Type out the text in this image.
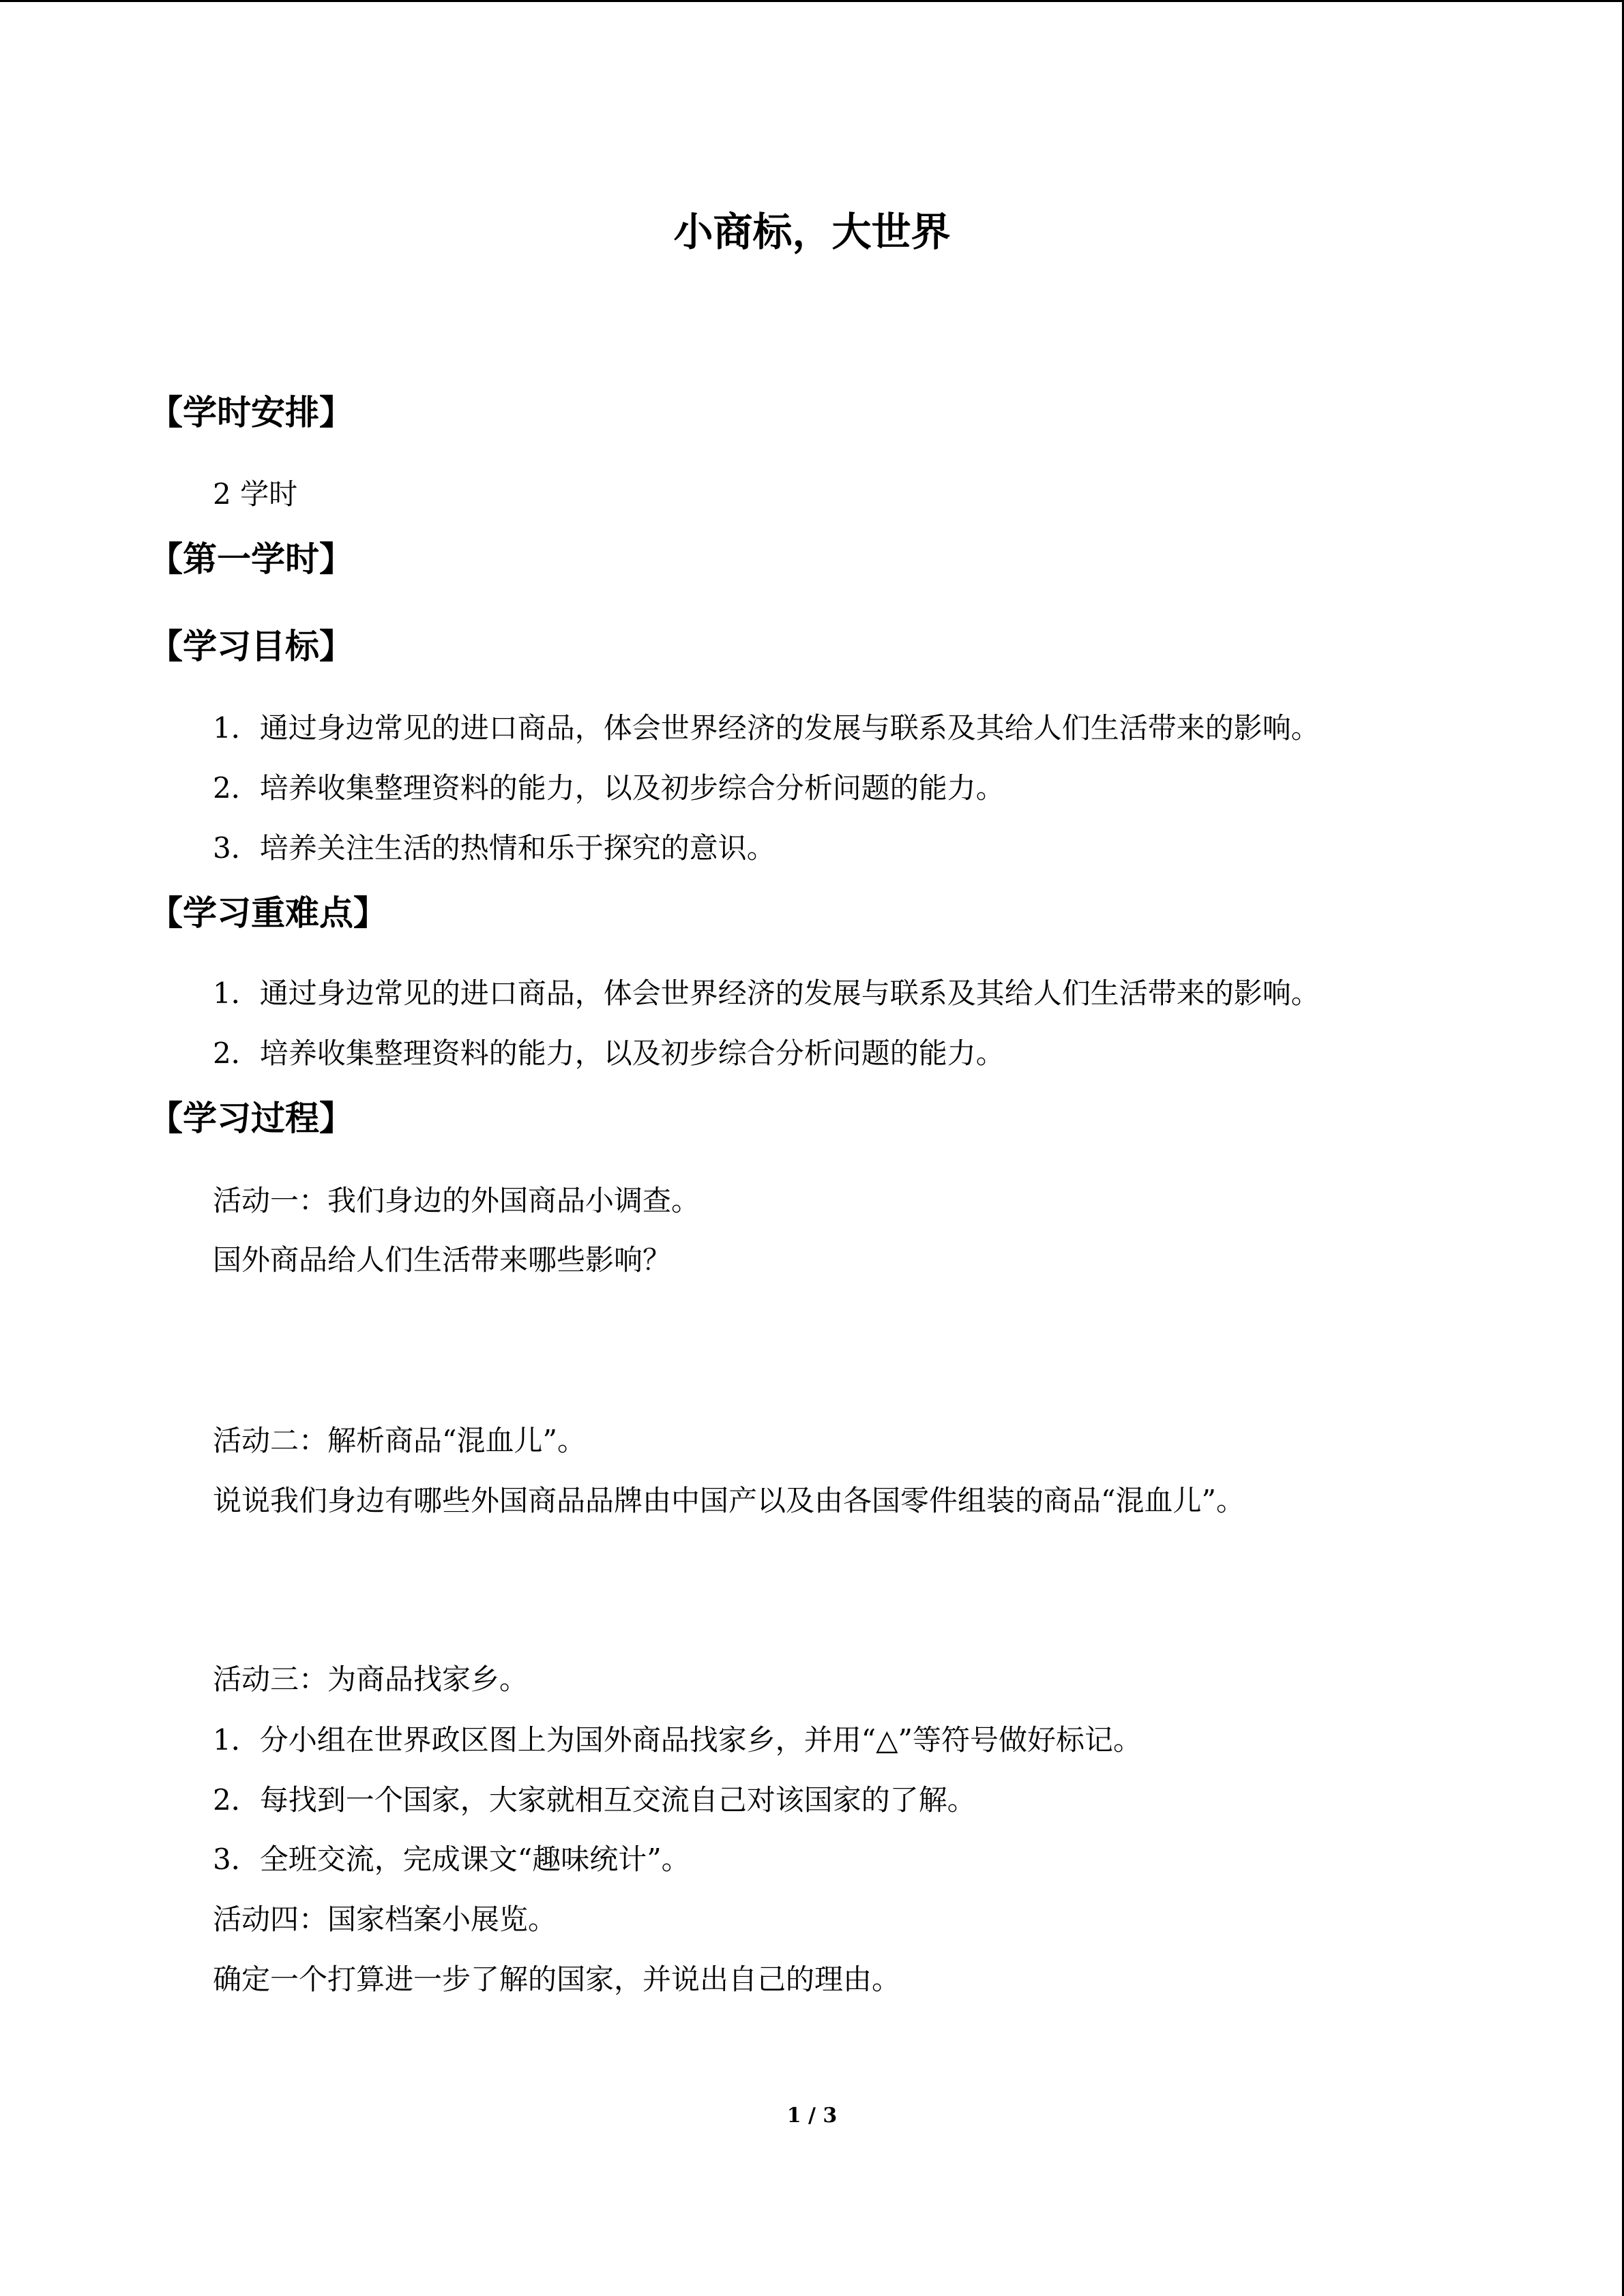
小商标，大世界
【学时安排】
2 学时
【第一学时】
【学习目标】
1．通过身边常见的进口商品，体会世界经济的发展与联系及其给人们生活带来的影响。
2．培养收集整理资料的能力，以及初步综合分析问题的能力。
3．培养关注生活的热情和乐于探究的意识。
【学习重难点】
1．通过身边常见的进口商品，体会世界经济的发展与联系及其给人们生活带来的影响。
2．培养收集整理资料的能力，以及初步综合分析问题的能力。
【学习过程】
活动一：我们身边的外国商品小调查。
国外商品给人们生活带来哪些影响？
活动二：解析商品“混血儿”。
说说我们身边有哪些外国商品品牌由中国产以及由各国零件组装的商品“混血儿”。
活动三：为商品找家乡。
1．分小组在世界政区图上为国外商品找家乡，并用“△”等符号做好标记。
2．每找到一个国家，大家就相互交流自己对该国家的了解。
3．全班交流，完成课文“趣味统计”。
活动四：国家档案小展览。
确定一个打算进一步了解的国家，并说出自己的理由。
1 / 3
